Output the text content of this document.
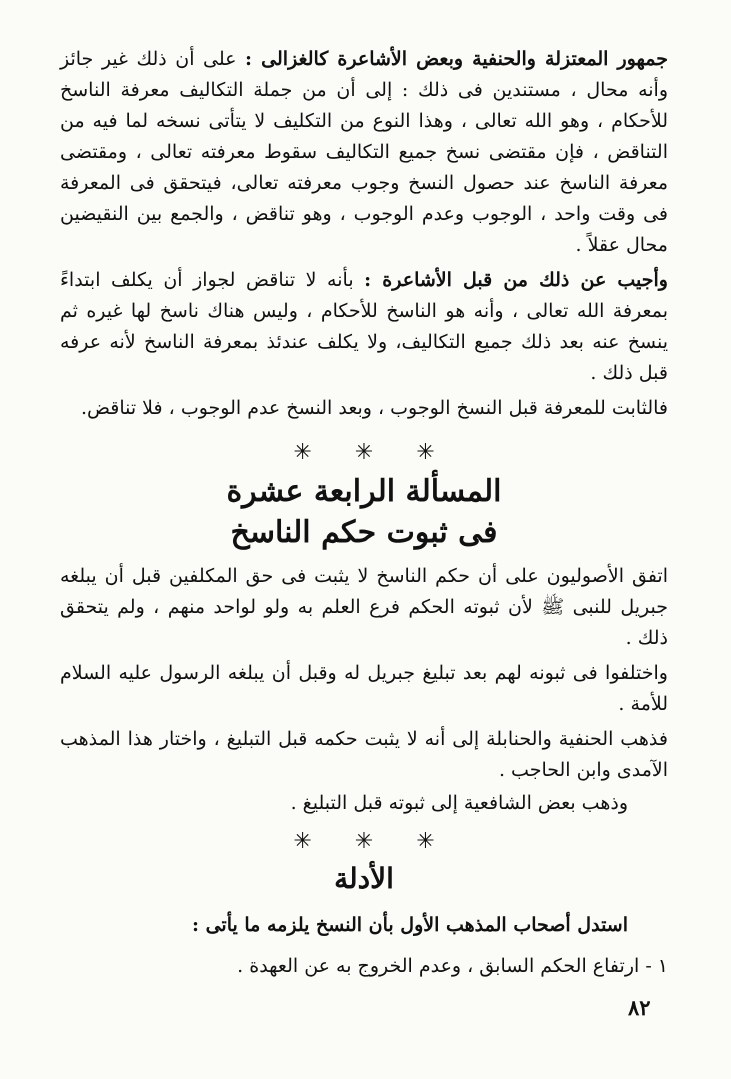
جمهور المعتزلة والحنفية وبعض الأشاعرة كالغزالى : على أن ذلك غير جائز وأنه محال ، مستندين فى ذلك : إلى أن من جملة التكاليف معرفة الناسخ للأحكام ، وهو الله تعالى ، وهذا النوع من التكليف لا يتأتى نسخه لما فيه من التناقض ، فإن مقتضى نسخ جميع التكاليف سقوط معرفته تعالى ، ومقتضى معرفة الناسخ عند حصول النسخ وجوب معرفته تعالى، فيتحقق فى المعرفة فى وقت واحد ، الوجوب وعدم الوجوب ، وهو تناقض ، والجمع بين النقيضين محال عقلاً .

وأجيب عن ذلك من قبل الأشاعرة : بأنه لا تناقض لجواز أن يكلف ابتداءً بمعرفة الله تعالى ، وأنه هو الناسخ للأحكام ، وليس هناك ناسخ لها غيره ثم ينسخ عنه بعد ذلك جميع التكاليف، ولا يكلف عندئذ بمعرفة الناسخ لأنه عرفه قبل ذلك .

فالثابت للمعرفة قبل النسخ الوجوب ، وبعد النسخ عدم الوجوب ، فلا تناقض.

✳ ✳ ✳
المسألة الرابعة عشرة
فى ثبوت حكم الناسخ

اتفق الأصوليون على أن حكم الناسخ لا يثبت فى حق المكلفين قبل أن يبلغه جبريل للنبى ﷺ لأن ثبوته الحكم فرع العلم به ولو لواحد منهم ، ولم يتحقق ذلك .

واختلفوا فى ثبونه لهم بعد تبليغ جبريل له وقبل أن يبلغه الرسول عليه السلام للأمة .

فذهب الحنفية والحنابلة إلى أنه لا يثبت حكمه قبل التبليغ ، واختار هذا المذهب الآمدى وابن الحاجب .

وذهب بعض الشافعية إلى ثبوته قبل التبليغ .

✳ ✳ ✳
الأدلة

استدل أصحاب المذهب الأول بأن النسخ يلزمه ما يأتى :

١ - ارتفاع الحكم السابق ، وعدم الخروج به عن العهدة .

٨٢
